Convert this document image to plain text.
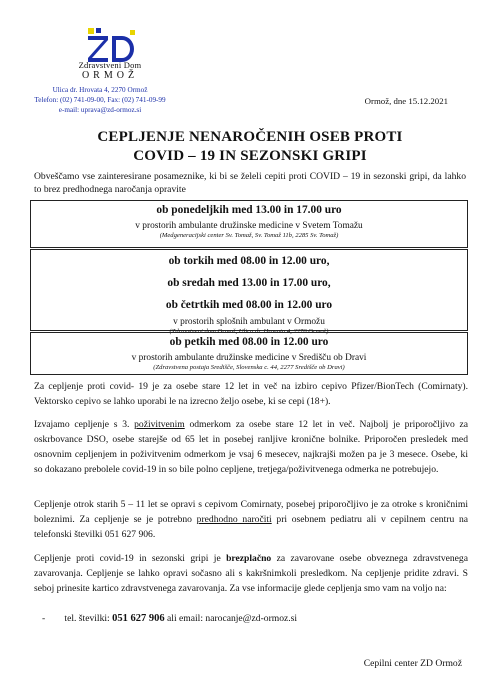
Zdravstveni Dom
ORMOŽ
Ulica dr. Hrovata 4, 2270 Ormož
Telefon: (02) 741-09-00, Fax: (02) 741-09-99
e-mail: uprava@zd-ormoz.si
Ormož, dne 15.12.2021
CEPLJENJE NENAROČENIH OSEB PROTI
COVID – 19 IN SEZONSKI GRIPI
Obveščamo vse zainteresirane posameznike, ki bi se želeli cepiti proti COVID – 19 in sezonski gripi, da lahko to brez predhodnega naročanja opravite
ob ponedeljkih med 13.00 in 17.00 uro
v prostorih ambulante družinske medicine v Svetem Tomažu
(Medgeneracijski center Sv. Tomaž, Sv. Tomaž 11b, 2285 Sv. Tomaž)
ob torkih med 08.00 in 12.00 uro,
ob sredah med 13.00 in 17.00 uro,
ob četrtkih med 08.00 in 12.00 uro
v prostorih splošnih ambulant v Ormožu
(Zdravstveni dom Ormož, Ulica dr. Hrovata 4, 2270 Ormož)
ob petkih med 08.00 in 12.00 uro
v prostorih ambulante družinske medicine v Središču ob Dravi
(Zdravstvena postaja Središče, Slovenska c. 44, 2277 Središče ob Dravi)
Za cepljenje proti covid- 19 je za osebe stare 12 let in več na izbiro cepivo Pfizer/BionTech (Comirnaty). Vektorsko cepivo se lahko uporabi le na izrecno željo osebe, ki se cepi (18+).
Izvajamo cepljenje s 3. poživitvenim odmerkom za osebe stare 12 let in več. Najbolj je priporočljivo za oskrbovance DSO, osebe starejše od 65 let in posebej ranljive kronične bolnike. Priporočen presledek med osnovnim cepljenjem in poživitvenim odmerkom je vsaj 6 mesecev, najkrajši možen pa je 3 mesece. Osebe, ki so dokazano prebolele covid-19 in so bile polno cepljene, tretjega/poživitvenega odmerka ne potrebujejo.
Cepljenje otrok starih 5 – 11 let se opravi s cepivom Comirnaty, posebej priporočljivo je za otroke s kroničnimi boleznimi. Za cepljenje se je potrebno predhodno naročiti pri osebnem pediatru ali v cepilnem centru na telefonski številki 051 627 906.
Cepljenje proti covid-19 in sezonski gripi je brezplačno za zavarovane osebe obveznega zdravstvenega zavarovanja. Cepljenje se lahko opravi sočasno ali s kakršnimkoli presledkom. Na cepljenje pridite zdravi. S seboj prinesite kartico zdravstvenega zavarovanja. Za vse informacije glede cepljenja smo vam na voljo na:
- tel. številki: 051 627 906 ali email: narocanje@zd-ormoz.si
Cepilni center ZD Ormož
